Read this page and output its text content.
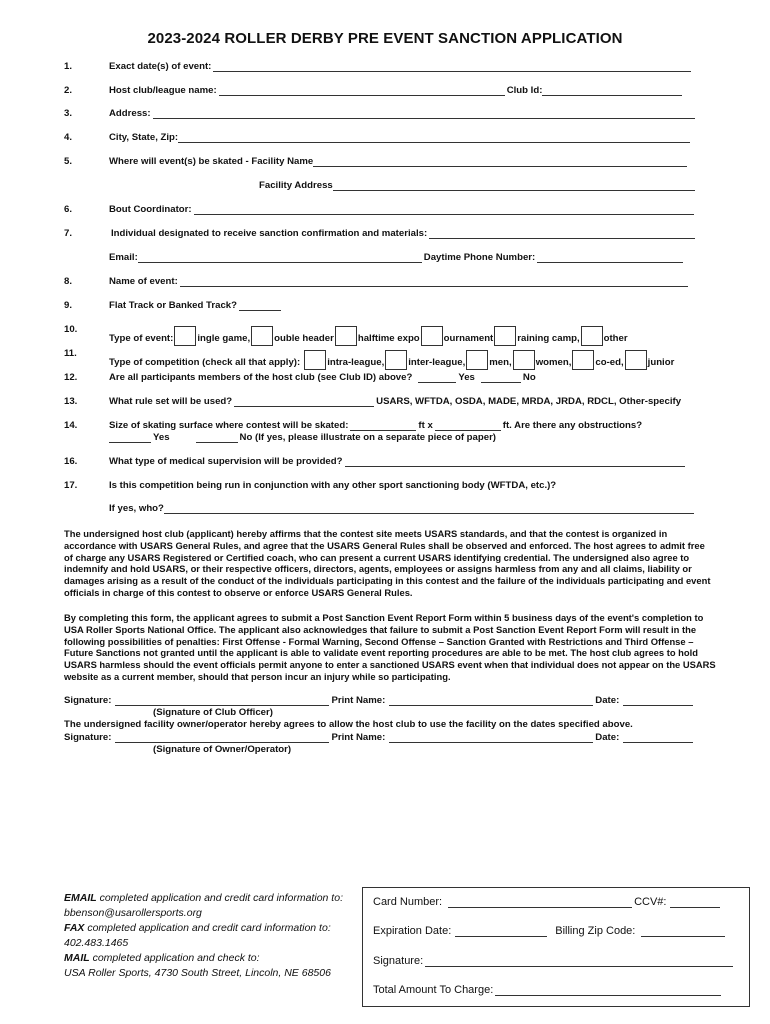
2023-2024 ROLLER DERBY PRE EVENT SANCTION APPLICATION
1.	Exact date(s) of event:
2.	Host club/league name:	Club Id:
3.	Address:
4.	City, State, Zip:
5.	Where will event(s) be skated - Facility Name
Facility Address
6.	Bout Coordinator:
7.	Individual designated to receive sanction confirmation and materials:
Email:	Daytime Phone Number:
8.	Name of event:
9.	Flat Track or Banked Track?
10.
Type of event:	ingle game,	ouble header	halftime expo	ournament	raining camp,	other
11.
Type of competition (check all that apply):	intra-league,	inter-league,	men,	women,	co-ed,	junior
12.	Are all participants members of the host club (see Club ID) above?	Yes	No
13.	What rule set will be used?	USARS, WFTDA, OSDA, MADE, MRDA, JRDA, RDCL, Other-specify
14.	Size of skating surface where contest will be skated:	ft x	ft. Are there any obstructions?
Yes	No (If yes, please illustrate on a separate piece of paper)
16.	What type of medical supervision will be provided?
17.	Is this competition being run in conjunction with any other sport sanctioning body (WFTDA, etc.)?
If yes, who?
The undersigned host club (applicant) hereby affirms that the contest site meets USARS standards, and that the contest is organized in accordance with USARS General Rules, and agree that the USARS General Rules shall be observed and enforced. The host agrees to admit free of charge any USARS Registered or Certified coach, who can present a current USARS identifying credential. The undersigned also agree to indemnify and hold USARS, or their respective officers, directors, agents, employees or assigns harmless from any and all claims, liability or damages arising as a result of the conduct of the individuals participating in this contest and the failure of the individuals participating and event officials in charge of this contest to observe or enforce USARS General Rules.
By completing this form, the applicant agrees to submit a Post Sanction Event Report Form within 5 business days of the event's completion to USA Roller Sports National Office. The applicant also acknowledges that failure to submit a Post Sanction Event Report Form will result in the following possibilities of penalties: First Offense - Formal Warning, Second Offense – Sanction Granted with Restrictions and Third Offense – Future Sanctions not granted until the applicant is able to validate event reporting procedures are able to be met. The host club agrees to hold USARS harmless should the event officials permit anyone to enter a sanctioned USARS event when that individual does not appear on the USARS website as a current member, should that person incur an injury while so participating.
Signature:	Print Name:	Date:
(Signature of Club Officer)
The undersigned facility owner/operator hereby agrees to allow the host club to use the facility on the dates specified above.
Signature:	Print Name:	Date:
(Signature of Owner/Operator)
EMAIL completed application and credit card information to:
bbenson@usarollersports.org
FAX completed application and credit card information to:
402.483.1465
MAIL completed application and check to:
USA Roller Sports, 4730 South Street, Lincoln, NE 68506
Card Number:	CCV#:
Expiration Date:	Billing Zip Code:
Signature:
Total Amount To Charge:
